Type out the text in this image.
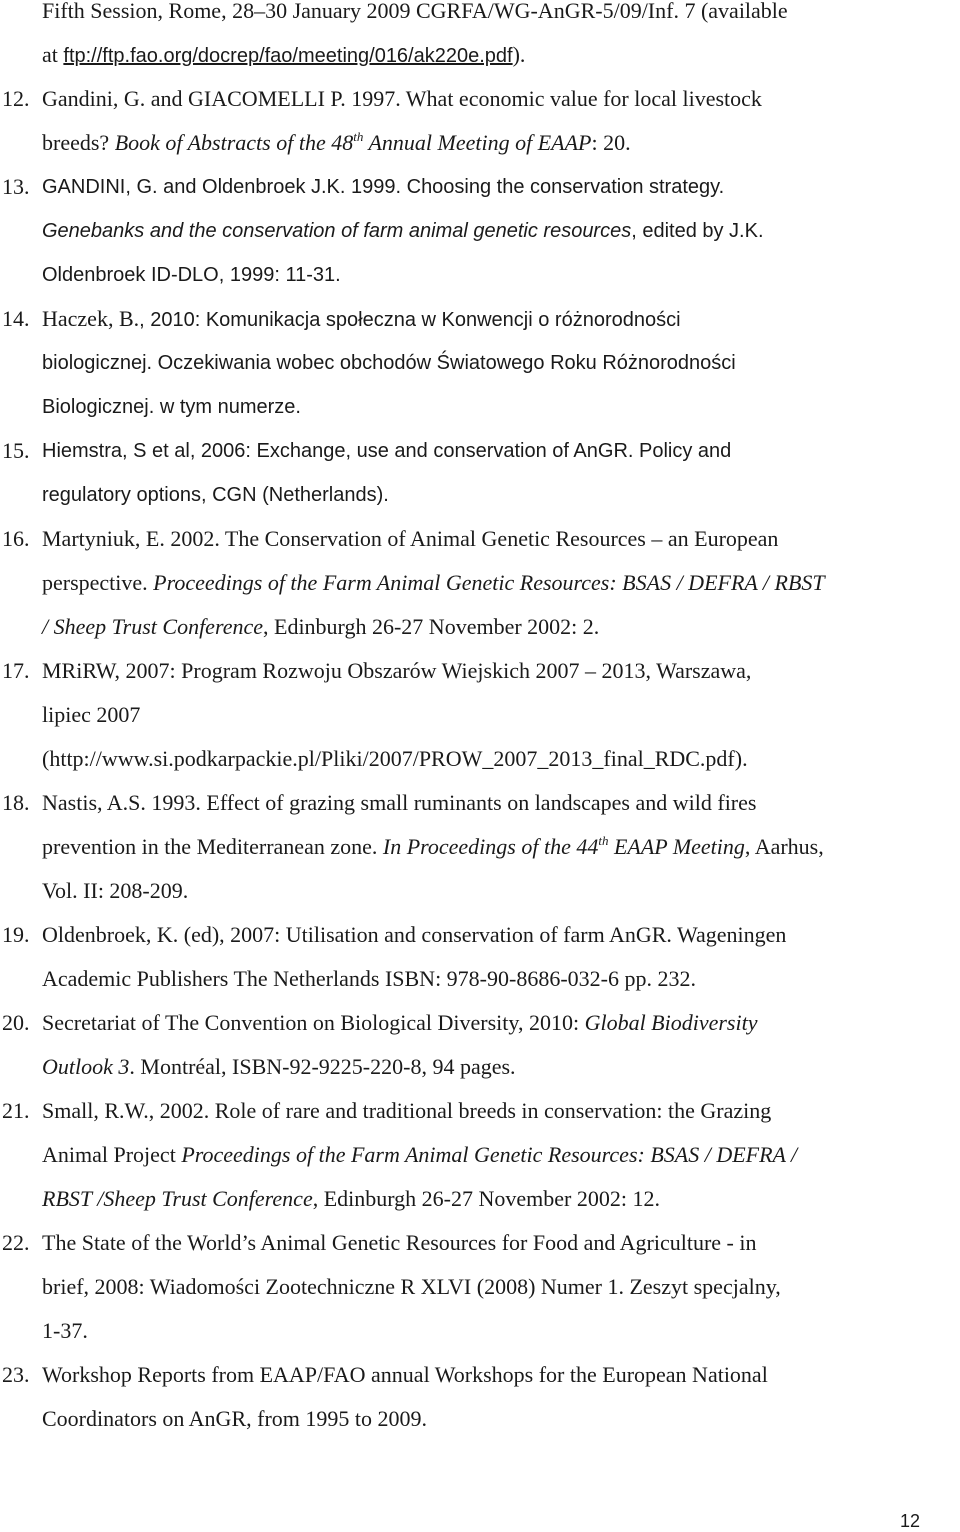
Fifth Session, Rome, 28–30 January 2009 CGRFA/WG-AnGR-5/09/Inf. 7 (available
at ftp://ftp.fao.org/docrep/fao/meeting/016/ak220e.pdf).
12. Gandini, G. and GIACOMELLI P. 1997. What economic value for local livestock
breeds? Book of Abstracts of the 48th Annual Meeting of EAAP: 20.
13. GANDINI, G. and Oldenbroek J.K. 1999. Choosing the conservation strategy.
Genebanks and the conservation of farm animal genetic resources, edited by J.K.
Oldenbroek ID-DLO, 1999: 11-31.
14. Haczek, B., 2010: Komunikacja społeczna w Konwencji o różnorodności
biologicznej. Oczekiwania wobec obchodów Światowego Roku Różnorodności
Biologicznej. w tym numerze.
15. Hiemstra, S et al, 2006: Exchange, use and conservation of AnGR. Policy and
regulatory options, CGN (Netherlands).
16. Martyniuk, E. 2002. The Conservation of Animal Genetic Resources – an European
perspective. Proceedings of the Farm Animal Genetic Resources: BSAS / DEFRA / RBST
/ Sheep Trust Conference, Edinburgh 26-27 November 2002: 2.
17. MRiRW, 2007: Program Rozwoju Obszarów Wiejskich 2007 – 2013, Warszawa,
lipiec 2007
(http://www.si.podkarpackie.pl/Pliki/2007/PROW_2007_2013_final_RDC.pdf).
18. Nastis, A.S. 1993. Effect of grazing small ruminants on landscapes and wild fires
prevention in the Mediterranean zone. In Proceedings of the 44th EAAP Meeting, Aarhus,
Vol. II: 208-209.
19. Oldenbroek, K. (ed), 2007: Utilisation and conservation of farm AnGR. Wageningen
Academic Publishers The Netherlands ISBN: 978-90-8686-032-6 pp. 232.
20. Secretariat of The Convention on Biological Diversity, 2010: Global Biodiversity
Outlook 3. Montréal, ISBN-92-9225-220-8, 94 pages.
21. Small, R.W., 2002. Role of rare and traditional breeds in conservation: the Grazing
Animal Project Proceedings of the Farm Animal Genetic Resources: BSAS / DEFRA /
RBST /Sheep Trust Conference, Edinburgh 26-27 November 2002: 12.
22. The State of the World’s Animal Genetic Resources for Food and Agriculture - in
brief, 2008: Wiadomości Zootechniczne R XLVI (2008) Numer 1. Zeszyt specjalny,
1-37.
23. Workshop Reports from EAAP/FAO annual Workshops for the European National
Coordinators on AnGR, from 1995 to 2009.
12
